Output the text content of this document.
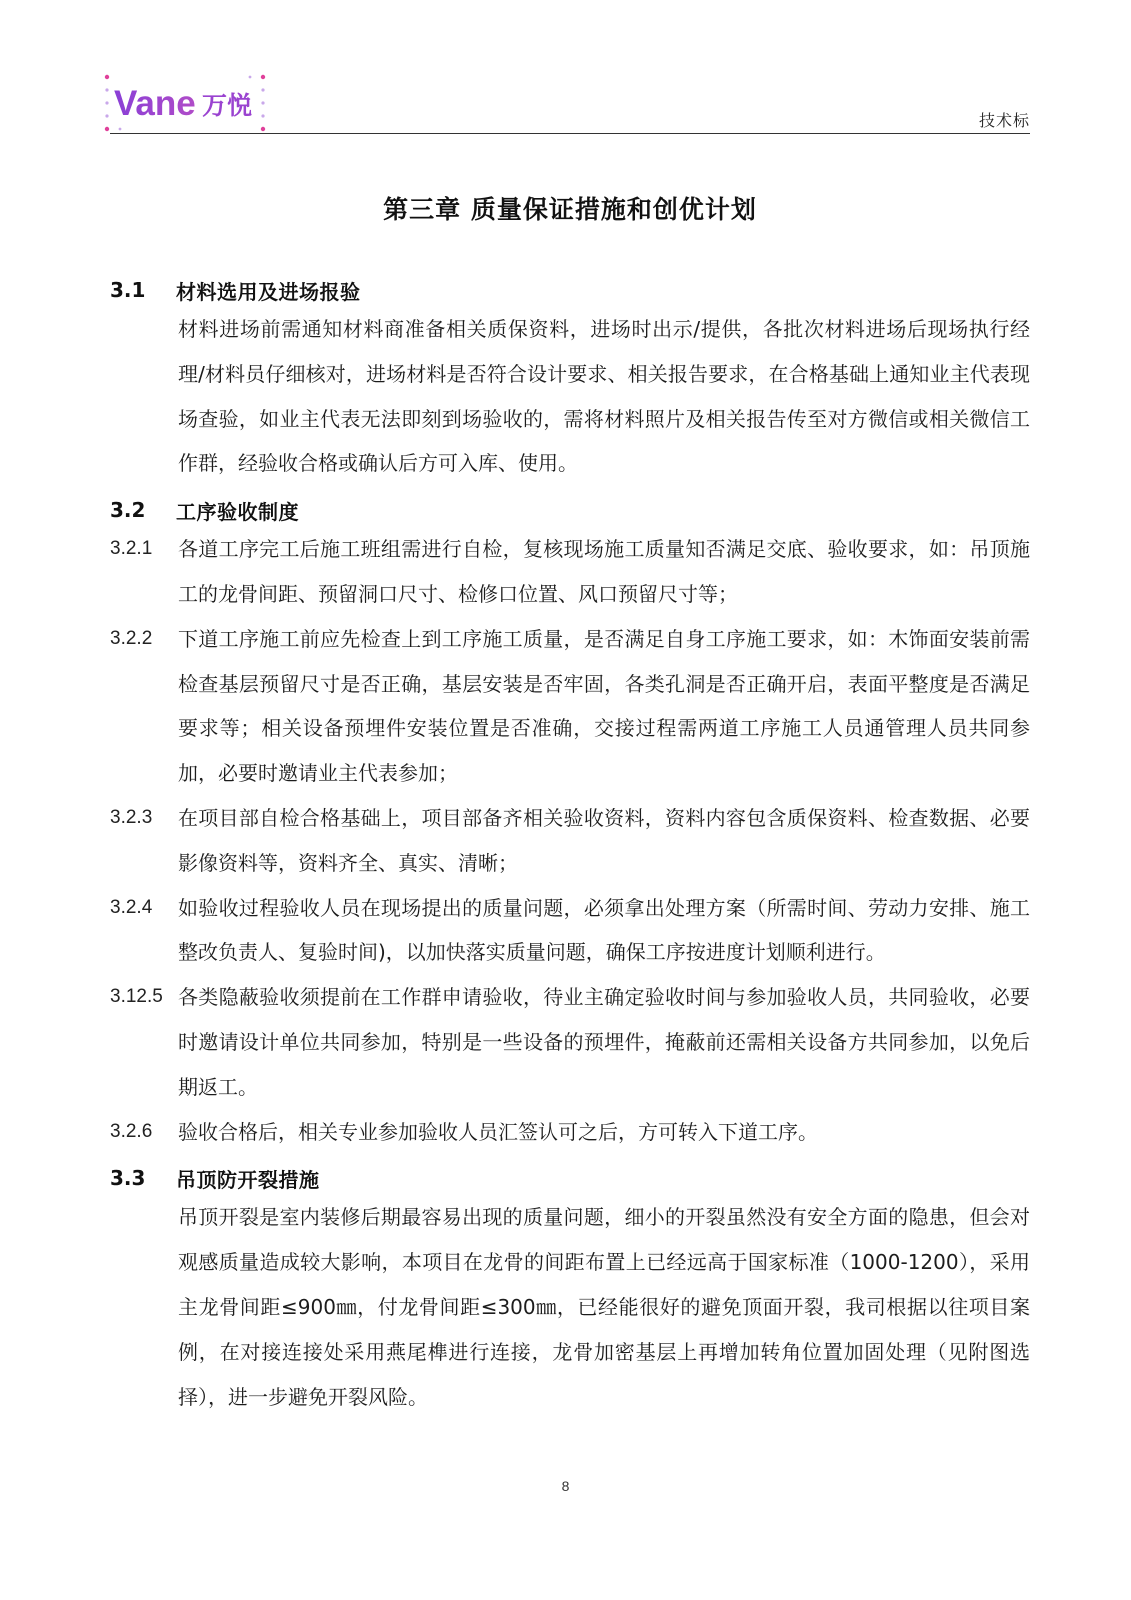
Vane 万悦
技术标
第三章 质量保证措施和创优计划
3.1	材料选用及进场报验
材料进场前需通知材料商准备相关质保资料，进场时出示/提供，各批次材料进场后现场执行经理/材料员仔细核对，进场材料是否符合设计要求、相关报告要求，在合格基础上通知业主代表现场查验，如业主代表无法即刻到场验收的，需将材料照片及相关报告传至对方微信或相关微信工作群，经验收合格或确认后方可入库、使用。
3.2	工序验收制度
3.2.1	各道工序完工后施工班组需进行自检，复核现场施工质量知否满足交底、验收要求，如：吊顶施工的龙骨间距、预留洞口尺寸、检修口位置、风口预留尺寸等；
3.2.2	下道工序施工前应先检查上到工序施工质量，是否满足自身工序施工要求，如：木饰面安装前需检查基层预留尺寸是否正确，基层安装是否牢固，各类孔洞是否正确开启，表面平整度是否满足要求等；相关设备预埋件安装位置是否准确，交接过程需两道工序施工人员通管理人员共同参加，必要时邀请业主代表参加；
3.2.3	在项目部自检合格基础上，项目部备齐相关验收资料，资料内容包含质保资料、检查数据、必要影像资料等，资料齐全、真实、清晰；
3.2.4	如验收过程验收人员在现场提出的质量问题，必须拿出处理方案（所需时间、劳动力安排、施工整改负责人、复验时间)，以加快落实质量问题，确保工序按进度计划顺利进行。
3.12.5 各类隐蔽验收须提前在工作群申请验收，待业主确定验收时间与参加验收人员，共同验收，必要时邀请设计单位共同参加，特别是一些设备的预埋件，掩蔽前还需相关设备方共同参加，以免后期返工。
3.2.6	验收合格后，相关专业参加验收人员汇签认可之后，方可转入下道工序。
3.3	吊顶防开裂措施
吊顶开裂是室内装修后期最容易出现的质量问题，细小的开裂虽然没有安全方面的隐患，但会对观感质量造成较大影响，本项目在龙骨的间距布置上已经远高于国家标准（1000-1200），采用主龙骨间距≤900㎜，付龙骨间距≤300㎜，已经能很好的避免顶面开裂，我司根据以往项目案例，在对接连接处采用燕尾榫进行连接，龙骨加密基层上再增加转角位置加固处理（见附图选择），进一步避免开裂风险。
8
